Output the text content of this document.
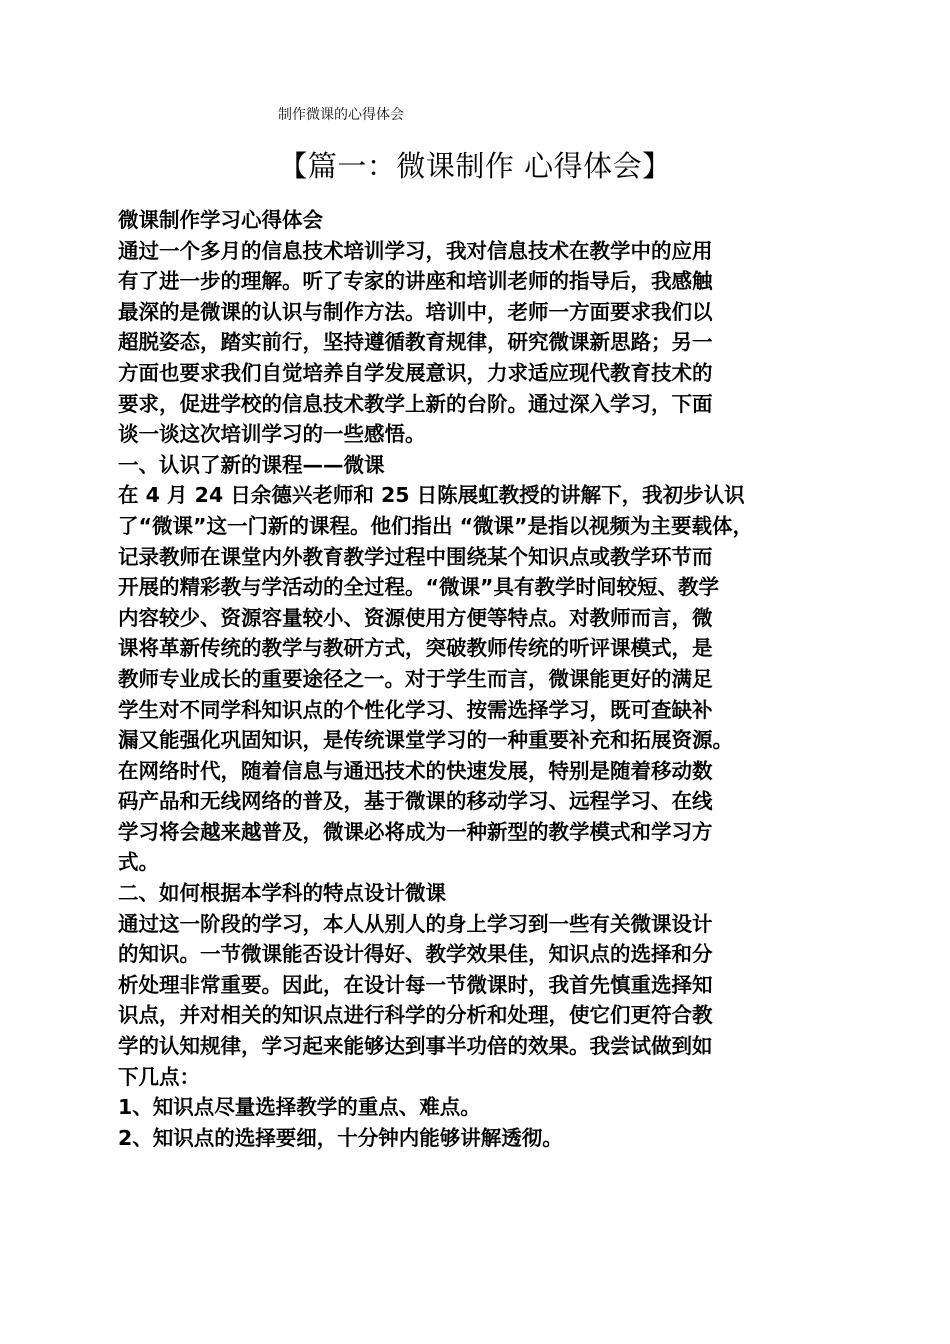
制作微课的心得体会
【篇一：微课制作 心得体会】
微课制作学习心得体会
通过一个多月的信息技术培训学习，我对信息技术在教学中的应用
有了进一步的理解。听了专家的讲座和培训老师的指导后，我感触
最深的是微课的认识与制作方法。培训中，老师一方面要求我们以
超脱姿态，踏实前行，坚持遵循教育规律，研究微课新思路；另一
方面也要求我们自觉培养自学发展意识，力求适应现代教育技术的
要求，促进学校的信息技术教学上新的台阶。通过深入学习，下面
谈一谈这次培训学习的一些感悟。
一、认识了新的课程——微课
在 4 月 24 日余德兴老师和 25 日陈展虹教授的讲解下，我初步认识
了“微课”这一门新的课程。他们指出 “微课”是指以视频为主要载体，
记录教师在课堂内外教育教学过程中围绕某个知识点或教学环节而
开展的精彩教与学活动的全过程。“微课”具有教学时间较短、教学
内容较少、资源容量较小、资源使用方便等特点。对教师而言，微
课将革新传统的教学与教研方式，突破教师传统的听评课模式，是
教师专业成长的重要途径之一。对于学生而言，微课能更好的满足
学生对不同学科知识点的个性化学习、按需选择学习，既可查缺补
漏又能强化巩固知识，是传统课堂学习的一种重要补充和拓展资源。
在网络时代，随着信息与通迅技术的快速发展，特别是随着移动数
码产品和无线网络的普及，基于微课的移动学习、远程学习、在线
学习将会越来越普及，微课必将成为一种新型的教学模式和学习方
式。
二、如何根据本学科的特点设计微课
通过这一阶段的学习，本人从别人的身上学习到一些有关微课设计
的知识。一节微课能否设计得好、教学效果佳，知识点的选择和分
析处理非常重要。因此，在设计每一节微课时，我首先慎重选择知
识点，并对相关的知识点进行科学的分析和处理，使它们更符合教
学的认知规律，学习起来能够达到事半功倍的效果。我尝试做到如
下几点：
1、知识点尽量选择教学的重点、难点。
2、知识点的选择要细，十分钟内能够讲解透彻。
